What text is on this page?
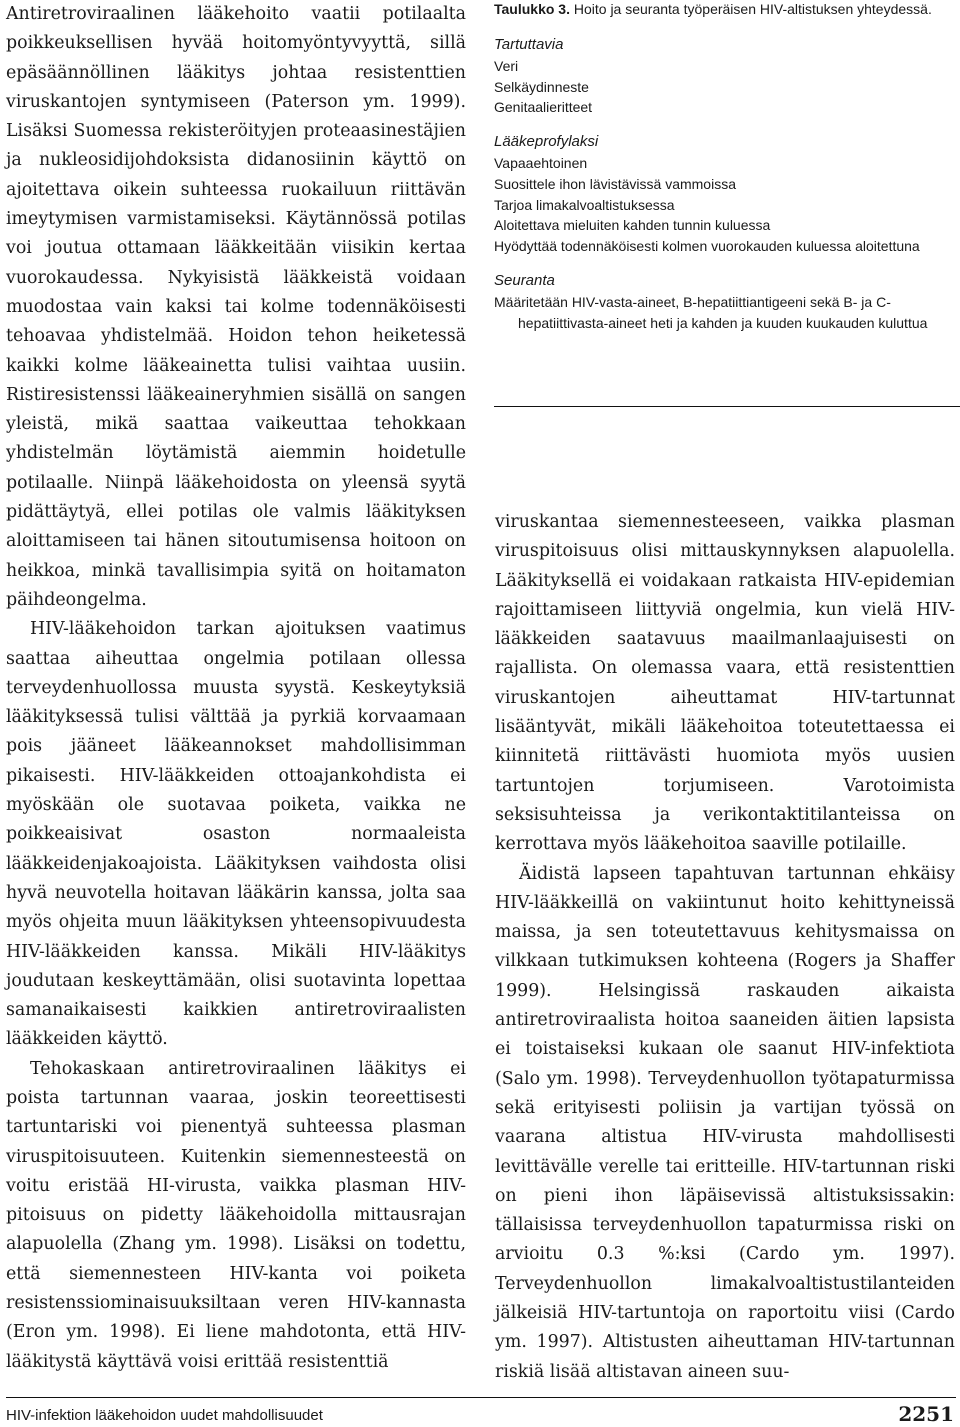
Antiretroviraalinen lääkehoito vaatii potilaalta poikkeuksellisen hyvää hoitomyöntyvyyttä, sillä epäsäännöllinen lääkitys johtaa resistenttien viruskantojen syntymiseen (Paterson ym. 1999). Lisäksi Suomessa rekisteröityjen proteaasinestäjien ja nukleosidijohdoksista didanosiinin käyttö on ajoitettava oikein suhteessa ruokailuun riittävän imeytymisen varmistamiseksi. Käytännössä potilas voi joutua ottamaan lääkkeitään viisikin kertaa vuorokaudessa. Nykyisistä lääkkeistä voidaan muodostaa vain kaksi tai kolme todennäköisesti tehoavaa yhdistelmää. Hoidon tehon heiketessä kaikki kolme lääkeainetta tulisi vaihtaa uusiin. Ristiresistenssi lääkeaineryhmien sisällä on sangen yleistä, mikä saattaa vaikeuttaa tehokkaan yhdistelmän löytämistä aiemmin hoidetulle potilaalle. Niinpä lääkehoidosta on yleensä syytä pidättäytyä, ellei potilas ole valmis lääkityksen aloittamiseen tai hänen sitoutumisensa hoitoon on heikkoa, minkä tavallisimpia syitä on hoitamaton päihdeongelma.

HIV-lääkehoidon tarkan ajoituksen vaatimus saattaa aiheuttaa ongelmia potilaan ollessa terveydenhuollossa muusta syystä. Keskeytyksiä lääkityksessä tulisi välttää ja pyrkiä korvaamaan pois jääneet lääkeannokset mahdollisimman pikaisesti. HIV-lääkkeiden ottoajankohdista ei myöskään ole suotavaa poiketa, vaikka ne poikkeaisivat osaston normaaleista lääkkeidenjakoajoista. Lääkityksen vaihdosta olisi hyvä neuvotella hoitavan lääkärin kanssa, jolta saa myös ohjeita muun lääkityksen yhteensopivuudesta HIV-lääkkeiden kanssa. Mikäli HIV-lääkitys joudutaan keskeyttämään, olisi suotavinta lopettaa samanaikaisesti kaikkien antiretroviraalisten lääkkeiden käyttö.

Tehokaskaan antiretroviraalinen lääkitys ei poista tartunnan vaaraa, joskin teoreettisesti tartuntariski voi pienentyä suhteessa plasman viruspitoisuuteen. Kuitenkin siemennesteestä on voitu eristää HI-virusta, vaikka plasman HIV-pitoisuus on pidetty lääkehoidolla mittausrajan alapuolella (Zhang ym. 1998). Lisäksi on todettu, että siemennesteen HIV-kanta voi poiketa resistenssiominaisuuksiltaan veren HIV-kannasta (Eron ym. 1998). Ei liene mahdotonta, että HIV-lääkitystä käyttävä voisi erittää resistenttiä

Taulukko 3. Hoito ja seuranta työperäisen HIV-altistuksen yhteydessä.
Tartuttavia
Veri
Selkäydinneste
Genitaalieritteet
Lääkeprofylaksi
Vapaaehtoinen
Suosittele ihon lävistävissä vammoissa
Tarjoa limakalvoaltistuksessa
Aloitettava mieluiten kahden tunnin kuluessa
Hyödyttää todennäköisesti kolmen vuorokauden kuluessa aloitettuna
Seuranta
Määritetään HIV-vasta-aineet, B-hepatiittiantigeeni sekä B- ja C-hepatiittivasta-aineet heti ja kahden ja kuuden kuukauden kuluttua

viruskantaa siemennesteeseen, vaikka plasman viruspitoisuus olisi mittauskynnyksen alapuolella. Lääkityksellä ei voidakaan ratkaista HIV-epidemian rajoittamiseen liittyviä ongelmia, kun vielä HIV-lääkkeiden saatavuus maailmanlaajuisesti on rajallista. On olemassa vaara, että resistenttien viruskantojen aiheuttamat HIV-tartunnat lisääntyvät, mikäli lääkehoitoa toteutettaessa ei kiinnitetä riittävästi huomiota myös uusien tartuntojen torjumiseen. Varotoimista seksisuhteissa ja verikontaktitilanteissa on kerrottava myös lääkehoitoa saaville potilaille.

Äidistä lapseen tapahtuvan tartunnan ehkäisy HIV-lääkkeillä on vakiintunut hoito kehittyneissä maissa, ja sen toteutettavuus kehitysmaissa on vilkkaan tutkimuksen kohteena (Rogers ja Shaffer 1999). Helsingissä raskauden aikaista antiretroviraalista hoitoa saaneiden äitien lapsista ei toistaiseksi kukaan ole saanut HIV-infektiota (Salo ym. 1998). Terveydenhuollon työtapaturmissa sekä erityisesti poliisin ja vartijan työssä on vaarana altistua HIV-virusta mahdollisesti levittävälle verelle tai eritteille. HIV-tartunnan riski on pieni ihon läpäisevissä altistuksissakin: tällaisissa terveydenhuollon tapaturmissa riski on arvioitu 0.3 %:ksi (Cardo ym. 1997). Terveydenhuollon limakalvoaltistustilanteiden jälkeisiä HIV-tartuntoja on raportoitu viisi (Cardo ym. 1997). Altistusten aiheuttaman HIV-tartunnan riskiä lisää altistavan aineen suu-

HIV-infektion lääkehoidon uudet mahdollisuudet	2251
